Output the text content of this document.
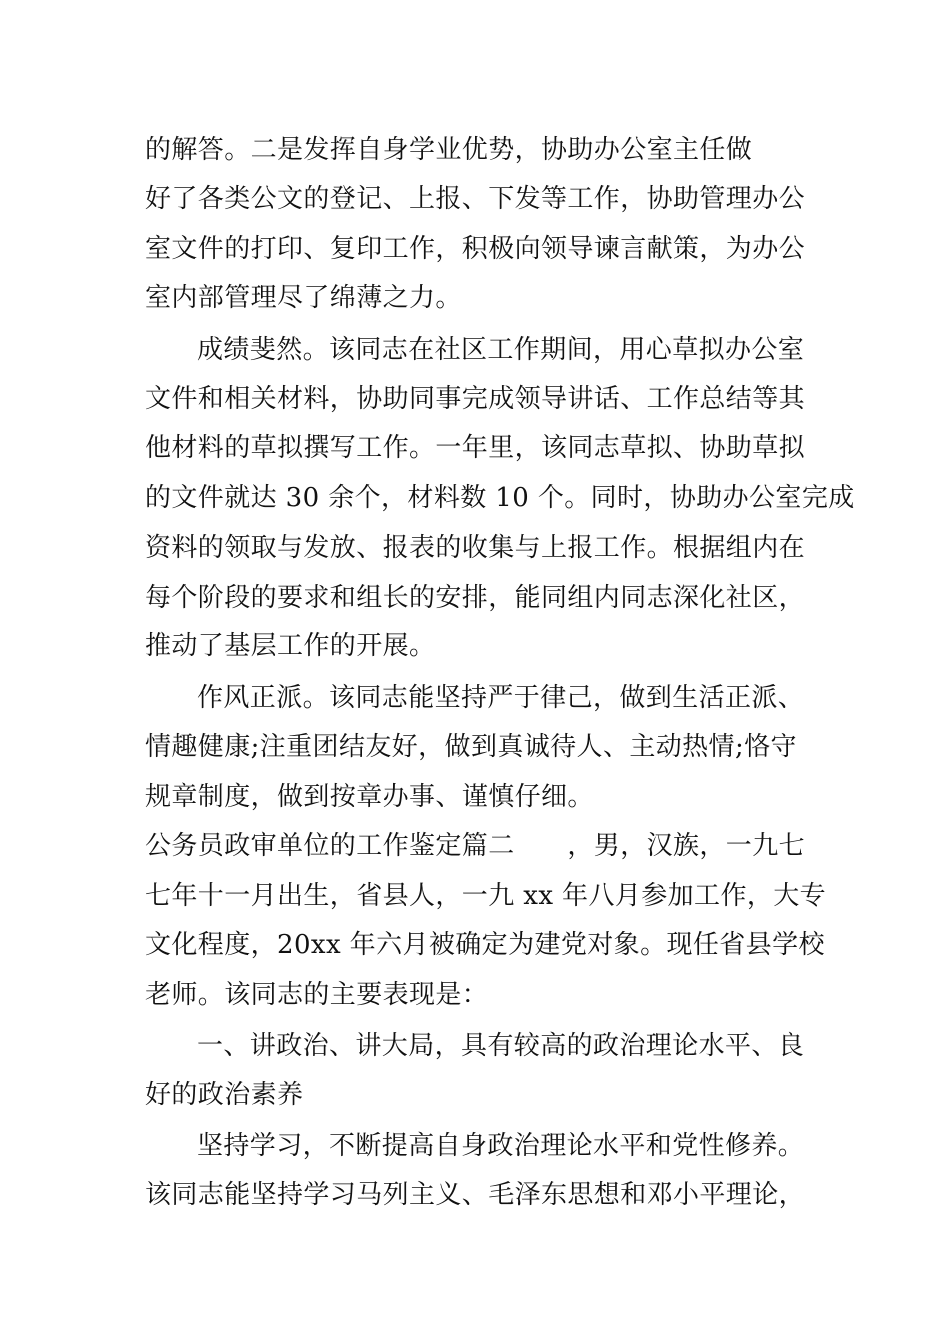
的解答。二是发挥自身学业优势，协助办公室主任做
好了各类公文的登记、上报、下发等工作，协助管理办公
室文件的打印、复印工作，积极向领导谏言献策，为办公
室内部管理尽了绵薄之力。
成绩斐然。该同志在社区工作期间，用心草拟办公室
文件和相关材料，协助同事完成领导讲话、工作总结等其
他材料的草拟撰写工作。一年里，该同志草拟、协助草拟
的文件就达 30 余个，材料数 10 个。同时，协助办公室完成
资料的领取与发放、报表的收集与上报工作。根据组内在
每个阶段的要求和组长的安排，能同组内同志深化社区，
推动了基层工作的开展。
作风正派。该同志能坚持严于律己，做到生活正派、
情趣健康;注重团结友好，做到真诚待人、主动热情;恪守
规章制度，做到按章办事、谨慎仔细。
公务员政审单位的工作鉴定篇二　　，男，汉族，一九七
七年十一月出生，省县人，一九 xx 年八月参加工作，大专
文化程度，20xx 年六月被确定为建党对象。现任省县学校
老师。该同志的主要表现是：
一、讲政治、讲大局，具有较高的政治理论水平、良
好的政治素养
坚持学习，不断提高自身政治理论水平和党性修养。
该同志能坚持学习马列主义、毛泽东思想和邓小平理论，
